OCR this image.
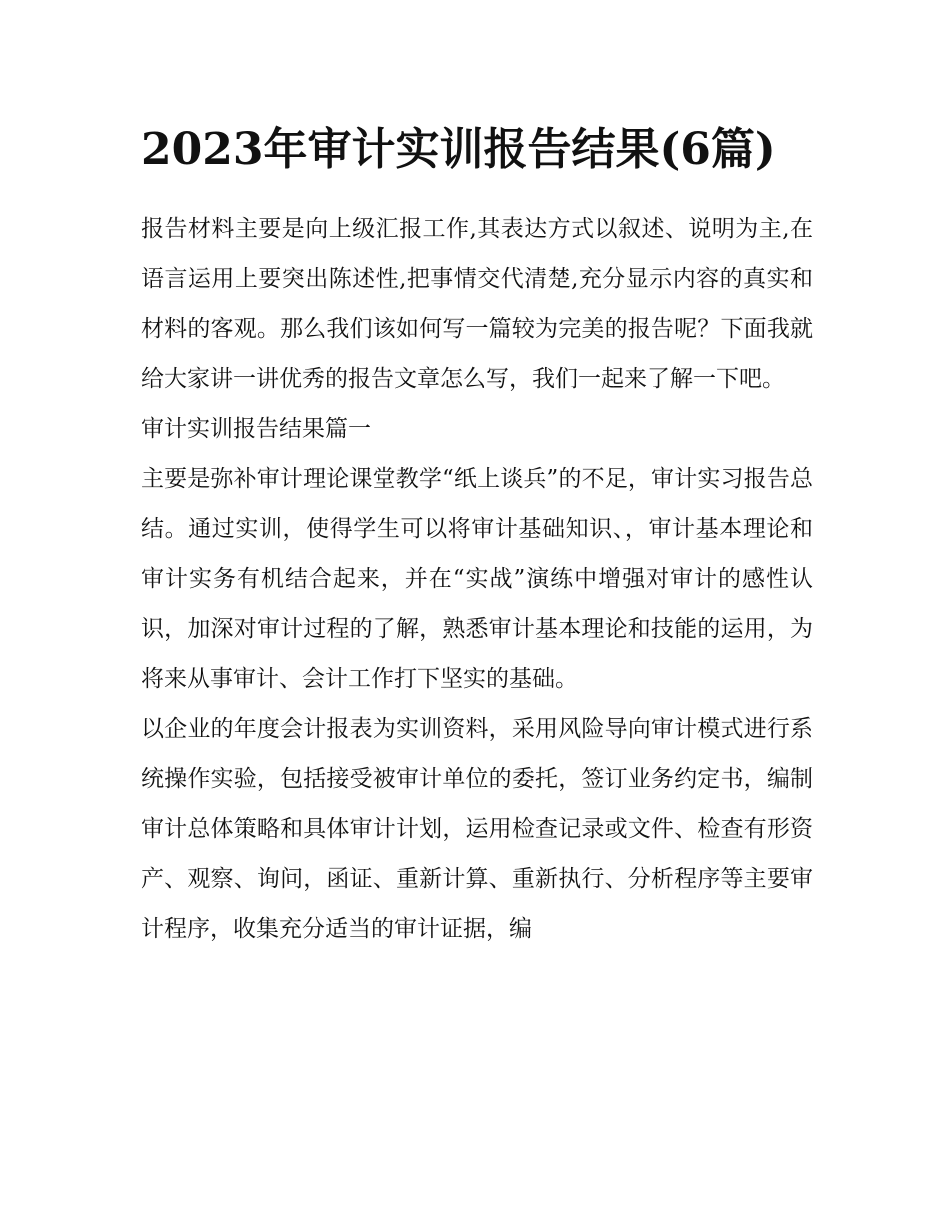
2023年审计实训报告结果(6篇)

报告材料主要是向上级汇报工作,其表达方式以叙述、说明为主,在语言运用上要突出陈述性,把事情交代清楚,充分显示内容的真实和材料的客观。那么我们该如何写一篇较为完美的报告呢？下面我就给大家讲一讲优秀的报告文章怎么写，我们一起来了解一下吧。

审计实训报告结果篇一

主要是弥补审计理论课堂教学“纸上谈兵”的不足，审计实习报告总结。通过实训，使得学生可以将审计基础知识、，审计基本理论和审计实务有机结合起来，并在“实战”演练中增强对审计的感性认识，加深对审计过程的了解，熟悉审计基本理论和技能的运用，为将来从事审计、会计工作打下坚实的基础。

以企业的年度会计报表为实训资料，采用风险导向审计模式进行系统操作实验，包括接受被审计单位的委托，签订业务约定书，编制审计总体策略和具体审计计划，运用检查记录或文件、检查有形资产、观察、询问，函证、重新计算、重新执行、分析程序等主要审计程序，收集充分适当的审计证据，编
